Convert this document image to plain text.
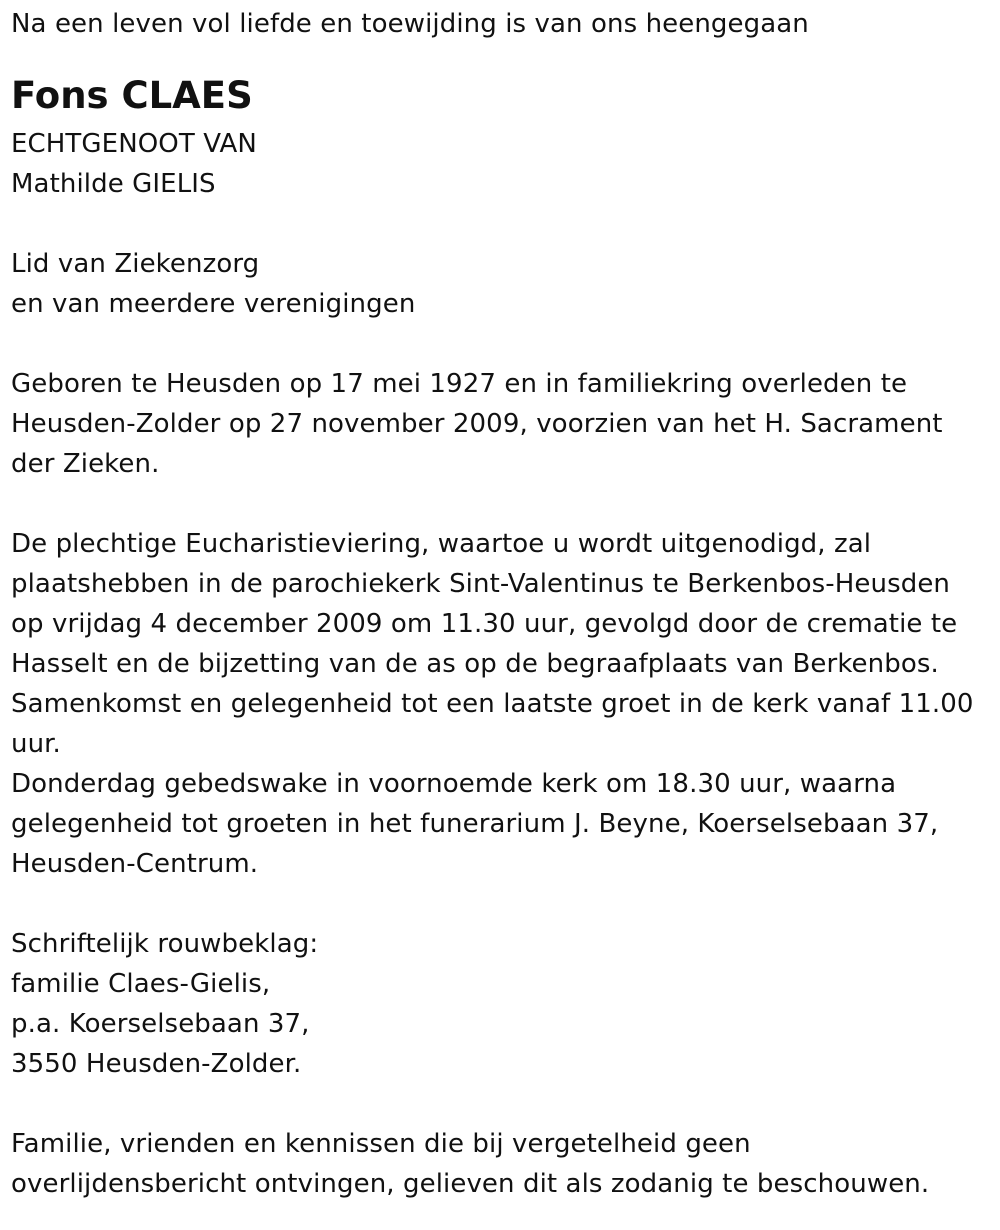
Na een leven vol liefde en toewijding is van ons heengegaan
Fons CLAES
ECHTGENOOT VAN
Mathilde GIELIS
Lid van Ziekenzorg
en van meerdere verenigingen
Geboren te Heusden op 17 mei 1927 en in familiekring overleden te
Heusden-Zolder op 27 november 2009, voorzien van het H. Sacrament
der Zieken.
De plechtige Eucharistieviering, waartoe u wordt uitgenodigd, zal
plaatshebben in de parochiekerk Sint-Valentinus te Berkenbos-Heusden
op vrijdag 4 december 2009 om 11.30 uur, gevolgd door de crematie te
Hasselt en de bijzetting van de as op de begraafplaats van Berkenbos.
Samenkomst en gelegenheid tot een laatste groet in de kerk vanaf 11.00
uur.
Donderdag gebedswake in voornoemde kerk om 18.30 uur, waarna
gelegenheid tot groeten in het funerarium J. Beyne, Koerselsebaan 37,
Heusden-Centrum.
Schriftelijk rouwbeklag:
familie Claes-Gielis,
p.a. Koerselsebaan 37,
3550 Heusden-Zolder.
Familie, vrienden en kennissen die bij vergetelheid geen
overlijdensbericht ontvingen, gelieven dit als zodanig te beschouwen.
